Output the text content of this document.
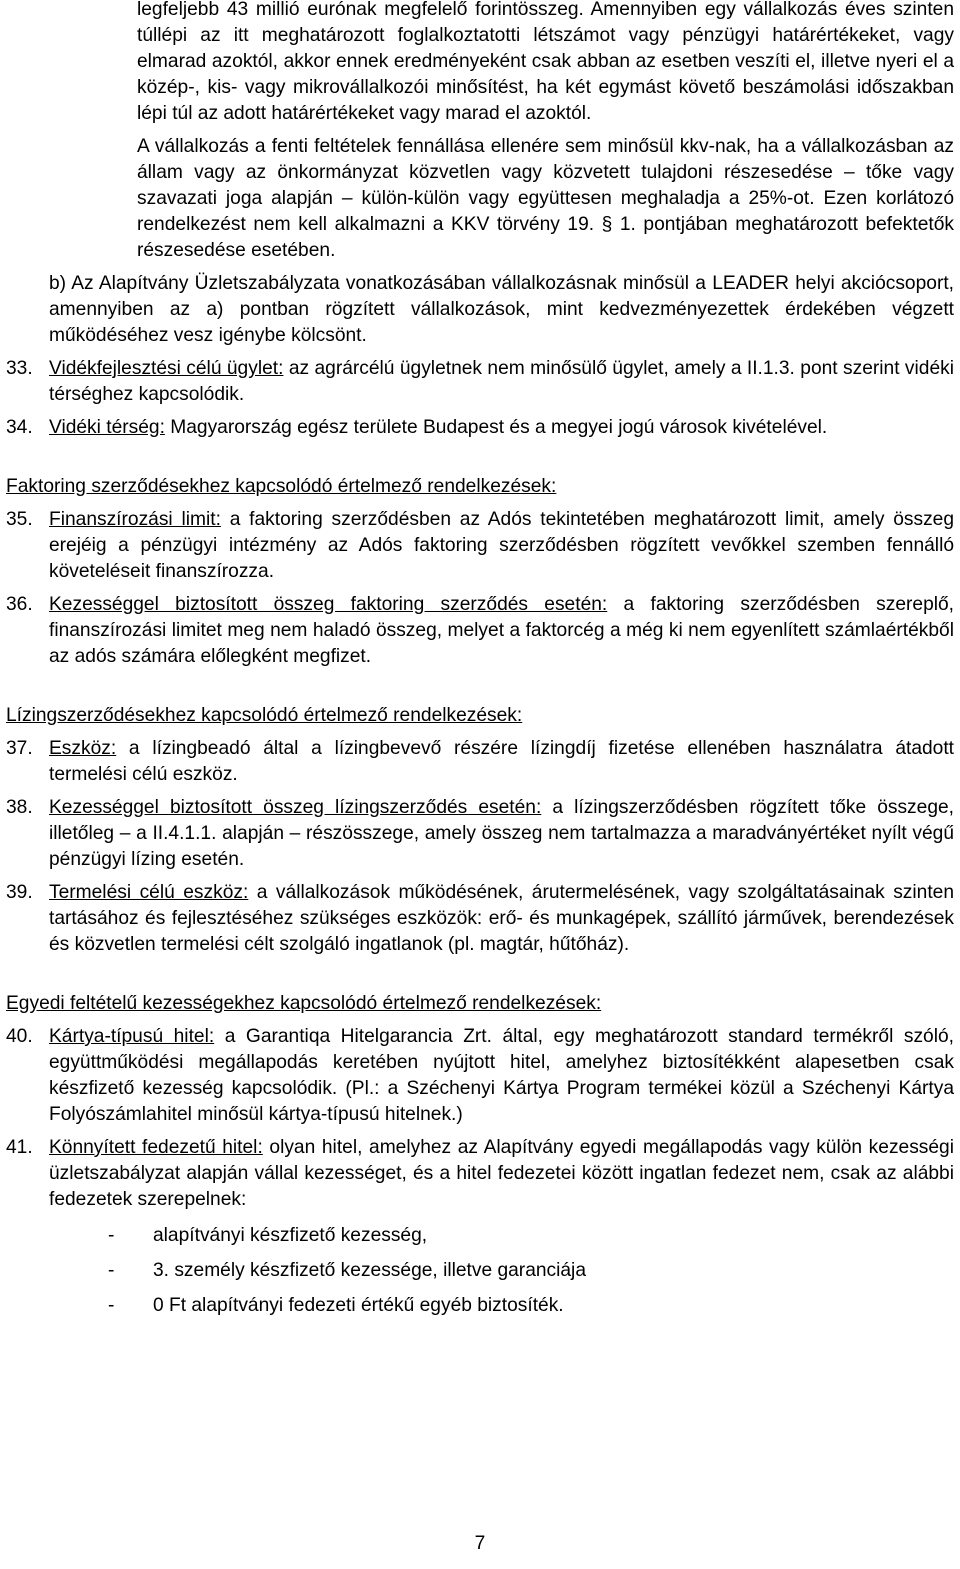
legfeljebb 43 millió eurónak megfelelő forintösszeg. Amennyiben egy vállalkozás éves szinten túllépi az itt meghatározott foglalkoztatotti létszámot vagy pénzügyi határértékeket, vagy elmarad azoktól, akkor ennek eredményeként csak abban az esetben veszíti el, illetve nyeri el a közép-, kis- vagy mikrovállalkozói minősítést, ha két egymást követő beszámolási időszakban lépi túl az adott határértékeket vagy marad el azoktól.

A vállalkozás a fenti feltételek fennállása ellenére sem minősül kkv-nak, ha a vállalkozásban az állam vagy az önkormányzat közvetlen vagy közvetett tulajdoni részesedése – tőke vagy szavazati joga alapján – külön-külön vagy együttesen meghaladja a 25%-ot. Ezen korlátozó rendelkezést nem kell alkalmazni a KKV törvény 19. § 1. pontjában meghatározott befektetők részesedése esetében.

b) Az Alapítvány Üzletszabályzata vonatkozásában vállalkozásnak minősül a LEADER helyi akciócsoport, amennyiben az a) pontban rögzített vállalkozások, mint kedvezményezettek érdekében végzett működéséhez vesz igénybe kölcsönt.

33. Vidékfejlesztési célú ügylet: az agrárcélú ügyletnek nem minősülő ügylet, amely a II.1.3. pont szerint vidéki térséghez kapcsolódik.
34. Vidéki térség: Magyarország egész területe Budapest és a megyei jogú városok kivételével.

Faktoring szerződésekhez kapcsolódó értelmező rendelkezések:

35. Finanszírozási limit: a faktoring szerződésben az Adós tekintetében meghatározott limit, amely összeg erejéig a pénzügyi intézmény az Adós faktoring szerződésben rögzített vevőkkel szemben fennálló követeléseit finanszírozza.
36. Kezességgel biztosított összeg faktoring szerződés esetén: a faktoring szerződésben szereplő, finanszírozási limitet meg nem haladó összeg, melyet a faktorcég a még ki nem egyenlített számlaértékből az adós számára előlegként megfizet.

Lízingszerződésekhez kapcsolódó értelmező rendelkezések:

37. Eszköz: a lízingbeadó által a lízingbevevő részére lízingdíj fizetése ellenében használatra átadott termelési célú eszköz.
38. Kezességgel biztosított összeg lízingszerződés esetén: a lízingszerződésben rögzített tőke összege, illetőleg – a II.4.1.1. alapján – részösszege, amely összeg nem tartalmazza a maradványértéket nyílt végű pénzügyi lízing esetén.
39. Termelési célú eszköz: a vállalkozások működésének, árutermelésének, vagy szolgáltatásainak szinten tartásához és fejlesztéséhez szükséges eszközök: erő- és munkagépek, szállító járművek, berendezések és közvetlen termelési célt szolgáló ingatlanok (pl. magtár, hűtőház).

Egyedi feltételű kezességekhez kapcsolódó értelmező rendelkezések:

40. Kártya-típusú hitel: a Garantiqa Hitelgarancia Zrt. által, egy meghatározott standard termékről szóló, együttműködési megállapodás keretében nyújtott hitel, amelyhez biztosítékként alapesetben csak készfizető kezesség kapcsolódik. (Pl.: a Széchenyi Kártya Program termékei közül a Széchenyi Kártya Folyószámlahitel minősül kártya-típusú hitelnek.)
41. Könnyített fedezetű hitel: olyan hitel, amelyhez az Alapítvány egyedi megállapodás vagy külön kezességi üzletszabályzat alapján vállal kezességet, és a hitel fedezetei között ingatlan fedezet nem, csak az alábbi fedezetek szerepelnek:

- alapítványi készfizető kezesség,

- 3. személy készfizető kezessége, illetve garanciája

- 0 Ft alapítványi fedezeti értékű egyéb biztosíték.

7
